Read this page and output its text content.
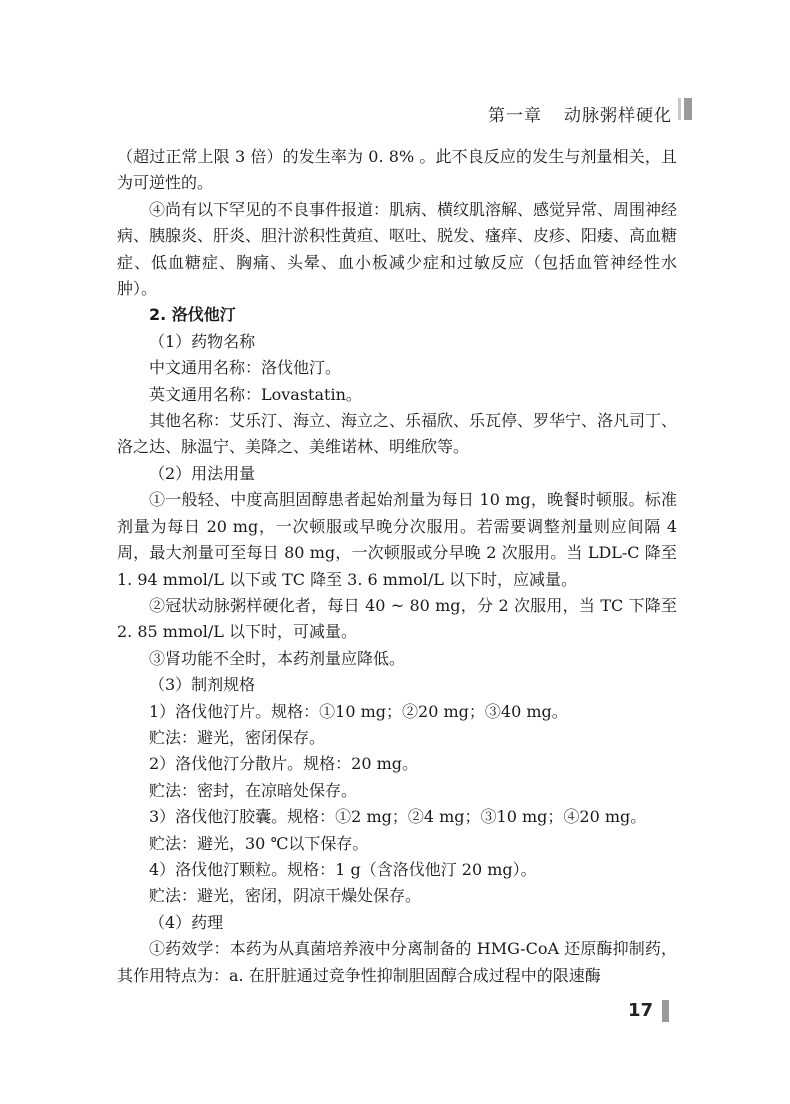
第一章 动脉粥样硬化

（超过正常上限 3 倍）的发生率为 0. 8% 。此不良反应的发生与剂量相关，且为可逆性的。

④尚有以下罕见的不良事件报道：肌病、横纹肌溶解、感觉异常、周围神经病、胰腺炎、肝炎、胆汁淤积性黄疸、呕吐、脱发、瘙痒、皮疹、阳痿、高血糖症、低血糖症、胸痛、头晕、血小板减少症和过敏反应（包括血管神经性水肿）。

2. 洛伐他汀

（1）药物名称

中文通用名称：洛伐他汀。

英文通用名称：Lovastatin。

其他名称：艾乐汀、海立、海立之、乐福欣、乐瓦停、罗华宁、洛凡司丁、洛之达、脉温宁、美降之、美维诺林、明维欣等。

（2）用法用量

①一般轻、中度高胆固醇患者起始剂量为每日 10 mg，晚餐时顿服。标准剂量为每日 20 mg，一次顿服或早晚分次服用。若需要调整剂量则应间隔 4 周，最大剂量可至每日 80 mg，一次顿服或分早晚 2 次服用。当 LDL-C 降至 1. 94 mmol/L 以下或 TC 降至 3. 6 mmol/L 以下时，应减量。

②冠状动脉粥样硬化者，每日 40 ~ 80 mg，分 2 次服用，当 TC 下降至 2. 85 mmol/L 以下时，可减量。

③肾功能不全时，本药剂量应降低。

（3）制剂规格

1）洛伐他汀片。规格：①10 mg；②20 mg；③40 mg。

贮法：避光，密闭保存。

2）洛伐他汀分散片。规格：20 mg。

贮法：密封，在凉暗处保存。

3）洛伐他汀胶囊。规格：①2 mg；②4 mg；③10 mg；④20 mg。

贮法：避光，30 ℃以下保存。

4）洛伐他汀颗粒。规格：1 g（含洛伐他汀 20 mg）。

贮法：避光，密闭，阴凉干燥处保存。

（4）药理

①药效学：本药为从真菌培养液中分离制备的 HMG-CoA 还原酶抑制药，其作用特点为：a. 在肝脏通过竞争性抑制胆固醇合成过程中的限速酶

17
